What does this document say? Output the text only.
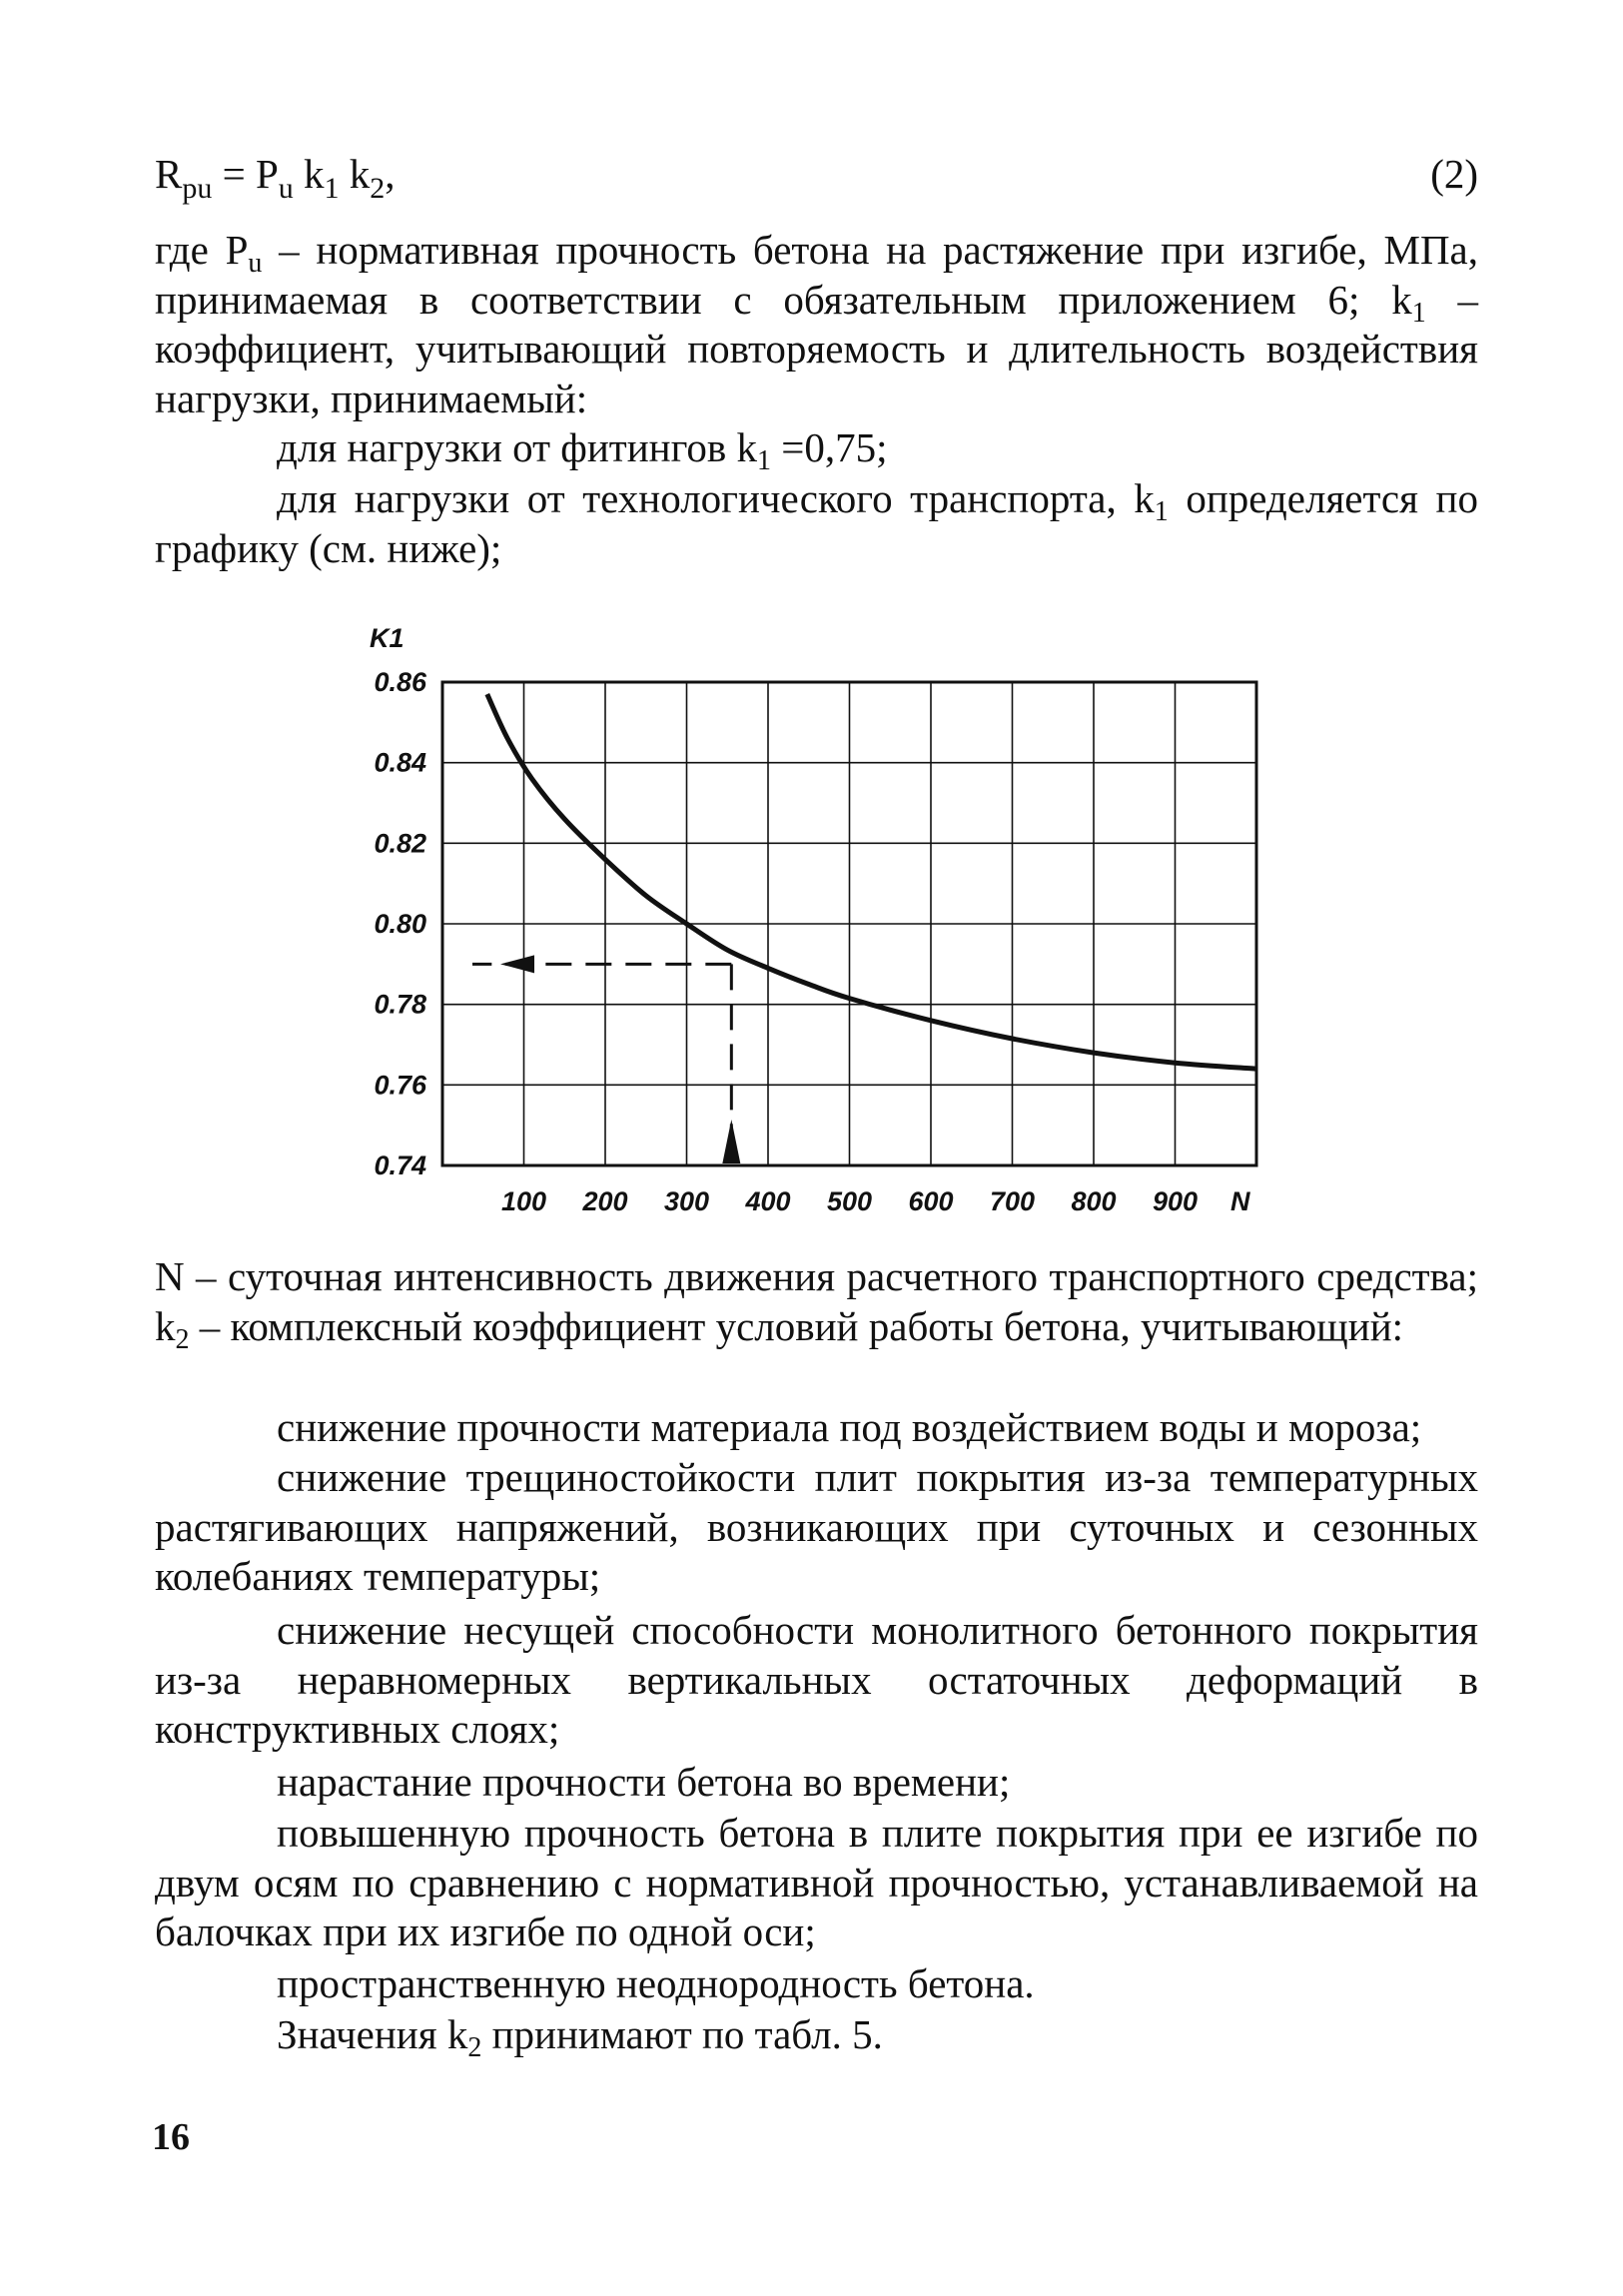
$R_{pu} = P_u$ $k_1$ $k_2$,	(2)

где $P_u$ – нормативная прочность бетона на растяжение при изгибе, МПа, принимаемая в соответствии с обязательным приложением 6; $k_1$ – коэффициент, учитывающий повторяемость и длительность воздействия нагрузки, принимаемый:

для нагрузки от фитингов $k_1 =0,75$;

для нагрузки от технологического транспорта, $k_1$ определяется по графику (см. ниже);

0.86
0.84
0.82
0.80
0.78
0.76
0.74
100 200 300 400 500 600 700 800 900
K1
N

N – суточная интенсивность движения расчетного транспортного средства; $k_2$ – комплексный коэффициент условий работы бетона, учитывающий:

снижение прочности материала под воздействием воды и мороза;

снижение трещиностойкости плит покрытия из-за температурных растягивающих напряжений, возникающих при суточных и сезонных колебаниях температуры;

снижение несущей способности монолитного бетонного покрытия из-за неравномерных вертикальных остаточных деформаций в конструктивных слоях;

нарастание прочности бетона во времени;

повышенную прочность бетона в плите покрытия при ее изгибе по двум осям по сравнению с нормативной прочностью, устанавливаемой на балочках при их изгибе по одной оси;

пространственную неоднородность бетона.

Значения $k_2$ принимают по табл. 5.

16
